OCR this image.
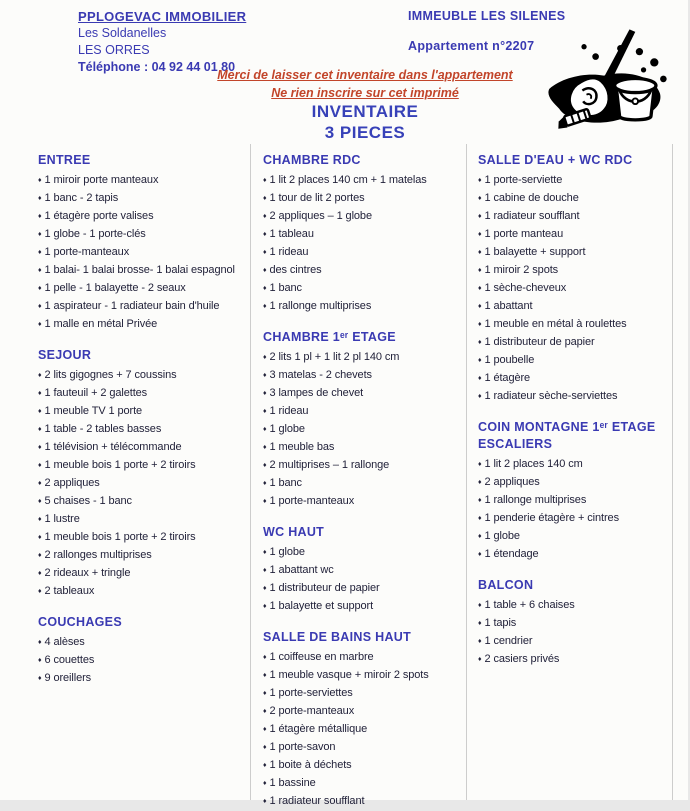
PPLOGEVAC IMMOBILIER
Les Soldanelles
LES ORRES
Téléphone : 04 92 44 01 80
IMMEUBLE LES SILENES
Appartement n°2207
Merci de laisser cet inventaire dans l'appartement
Ne rien inscrire sur cet imprimé
INVENTAIRE
3 PIECES
ENTREE
♦ 1 miroir porte manteaux
♦ 1 banc - 2 tapis
♦ 1 étagère porte valises
♦ 1 globe - 1 porte-clés
♦ 1 porte-manteaux
♦ 1 balai- 1 balai brosse- 1 balai espagnol
♦ 1 pelle - 1 balayette - 2 seaux
♦ 1 aspirateur - 1 radiateur bain d'huile
♦ 1 malle en métal Privée
SEJOUR
♦ 2 lits gigognes + 7 coussins
♦ 1 fauteuil + 2 galettes
♦ 1 meuble TV 1 porte
♦ 1 table - 2 tables basses
♦ 1 télévision + télécommande
♦ 1 meuble bois 1 porte + 2 tiroirs
♦ 2 appliques
♦ 5 chaises - 1 banc
♦ 1 lustre
♦ 1 meuble bois 1 porte + 2 tiroirs
♦ 2 rallonges multiprises
♦ 2 rideaux + tringle
♦ 2 tableaux
COUCHAGES
♦ 4 alèses
♦ 6 couettes
♦ 9 oreillers
CHAMBRE RDC
♦ 1 lit 2 places 140 cm + 1 matelas
♦ 1 tour de lit 2 portes
♦ 2 appliques – 1 globe
♦ 1 tableau
♦ 1 rideau
♦ des cintres
♦ 1 banc
♦ 1 rallonge multiprises
CHAMBRE 1ᵉʳ ETAGE
♦ 2 lits 1 pl + 1 lit 2 pl 140 cm
♦ 3 matelas - 2 chevets
♦ 3 lampes de chevet
♦ 1 rideau
♦ 1 globe
♦ 1 meuble bas
♦ 2 multiprises – 1 rallonge
♦ 1 banc
♦ 1 porte-manteaux
WC HAUT
♦ 1 globe
♦ 1 abattant wc
♦ 1 distributeur de papier
♦ 1 balayette et support
SALLE DE BAINS HAUT
♦ 1 coiffeuse en marbre
♦ 1 meuble vasque + miroir 2 spots
♦ 1 porte-serviettes
♦ 2 porte-manteaux
♦ 1 étagère métallique
♦ 1 porte-savon
♦ 1 boite à déchets
♦ 1 bassine
♦ 1 radiateur soufflant
SALLE D'EAU + WC RDC
♦ 1 porte-serviette
♦ 1 cabine de douche
♦ 1 radiateur soufflant
♦ 1 porte manteau
♦ 1 balayette + support
♦ 1 miroir 2 spots
♦ 1 sèche-cheveux
♦ 1 abattant
♦ 1 meuble en métal à roulettes
♦ 1 distributeur de papier
♦ 1 poubelle
♦ 1 étagère
♦ 1 radiateur sèche-serviettes
COIN MONTAGNE 1ᵉʳ ETAGE ESCALIERS
♦ 1 lit 2 places 140 cm
♦ 2 appliques
♦ 1 rallonge multiprises
♦ 1 penderie étagère + cintres
♦ 1 globe
♦ 1 étendage
BALCON
♦ 1 table + 6 chaises
♦ 1 tapis
♦ 1 cendrier
♦ 2 casiers privés
